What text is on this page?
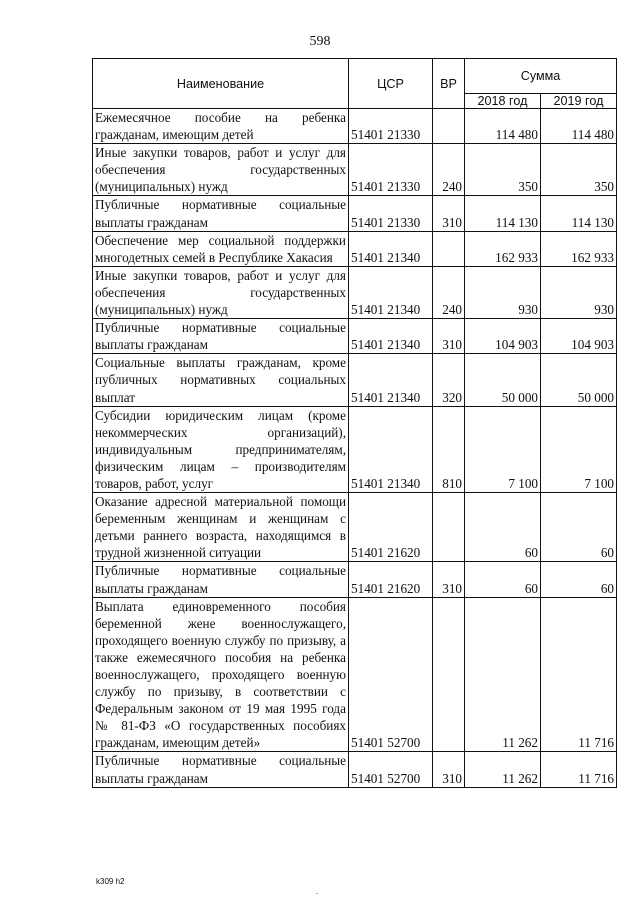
598
Наименование	ЦСР	ВР	Сумма	
			2018 год	2019 год
Ежемесячное пособие на ребенка гражданам, имеющим детей	51401 21330		114 480	114 480
Иные закупки товаров, работ и услуг для обеспечения государственных (муниципальных) нужд	51401 21330	240	350	350
Публичные нормативные социальные выплаты гражданам	51401 21330	310	114 130	114 130
Обеспечение мер социальной поддержки многодетных семей в Республике Хакасия	51401 21340		162 933	162 933
Иные закупки товаров, работ и услуг для обеспечения государственных (муниципальных) нужд	51401 21340	240	930	930
Публичные нормативные социальные выплаты гражданам	51401 21340	310	104 903	104 903
Социальные выплаты гражданам, кроме публичных нормативных социальных выплат	51401 21340	320	50 000	50 000
Субсидии юридическим лицам (кроме некоммерческих организаций), индивидуальным предпринимателям, физическим лицам – производителям товаров, работ, услуг	51401 21340	810	7 100	7 100
Оказание адресной материальной помощи беременным женщинам и женщинам с детьми раннего возраста, находящимся в трудной жизненной ситуации	51401 21620		60	60
Публичные нормативные социальные выплаты гражданам	51401 21620	310	60	60
Выплата единовременного пособия беременной жене военнослужащего, проходящего военную службу по призыву, а также ежемесячного пособия на ребенка военнослужащего, проходящего военную службу по призыву, в соответствии с Федеральным законом от 19 мая 1995 года № 81-ФЗ «О государственных пособиях гражданам, имеющим детей»	51401 52700		11 262	11 716
Публичные нормативные социальные выплаты гражданам	51401 52700	310	11 262	11 716
k309 h2
.
